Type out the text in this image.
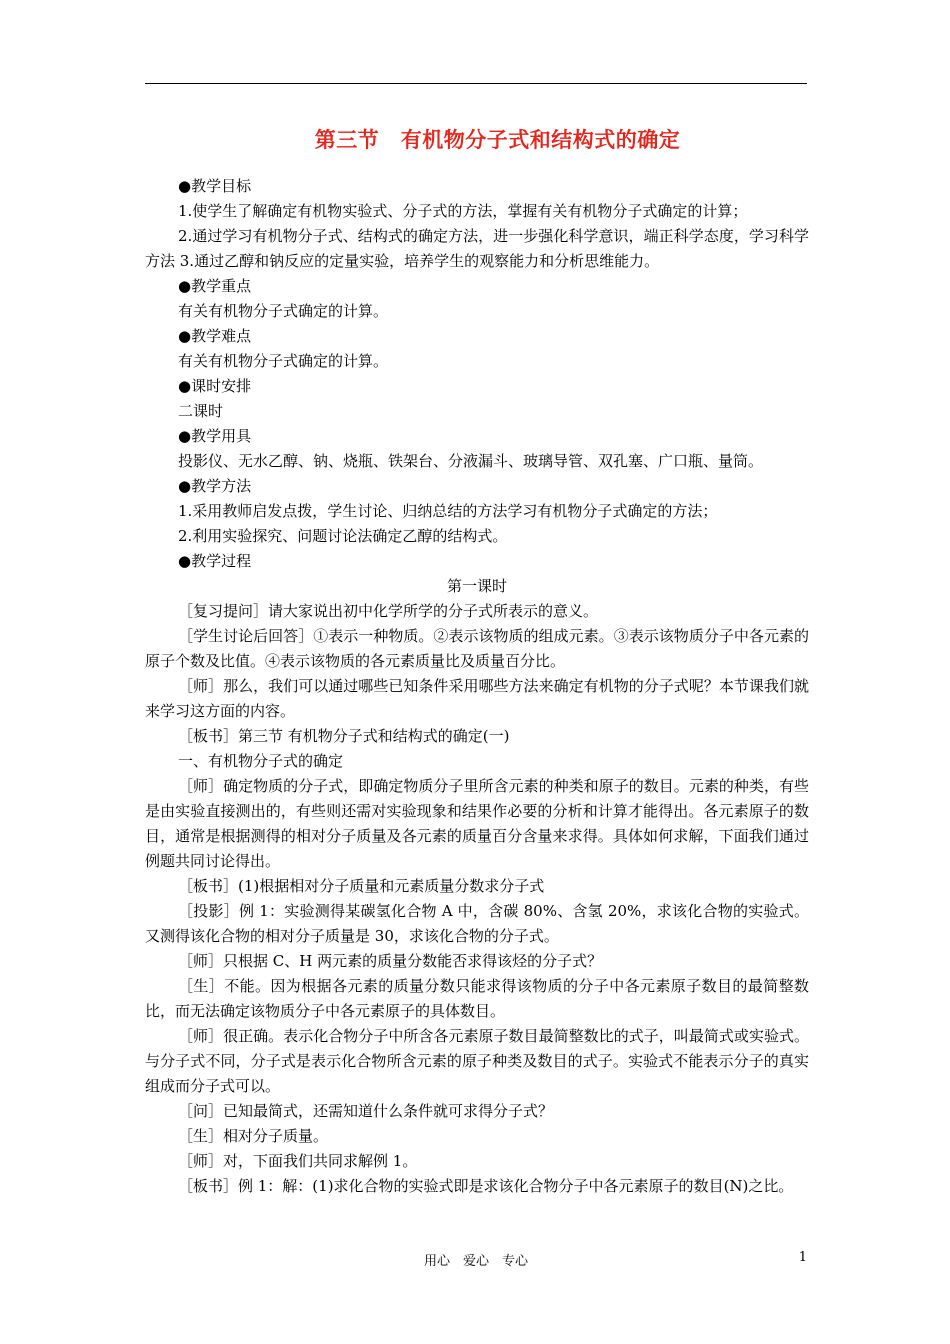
第三节　有机物分子式和结构式的确定

●教学目标

1.使学生了解确定有机物实验式、分子式的方法，掌握有关有机物分子式确定的计算；

2.通过学习有机物分子式、结构式的确定方法，进一步强化科学意识，端正科学态度，学习科学方法 3.通过乙醇和钠反应的定量实验，培养学生的观察能力和分析思维能力。

●教学重点

有关有机物分子式确定的计算。

●教学难点

有关有机物分子式确定的计算。

●课时安排

二课时

●教学用具

投影仪、无水乙醇、钠、烧瓶、铁架台、分液漏斗、玻璃导管、双孔塞、广口瓶、量筒。

●教学方法

1.采用教师启发点拨，学生讨论、归纳总结的方法学习有机物分子式确定的方法；

2.利用实验探究、问题讨论法确定乙醇的结构式。

●教学过程

第一课时

［复习提问］请大家说出初中化学所学的分子式所表示的意义。

［学生讨论后回答］①表示一种物质。②表示该物质的组成元素。③表示该物质分子中各元素的原子个数及比值。④表示该物质的各元素质量比及质量百分比。

［师］那么，我们可以通过哪些已知条件采用哪些方法来确定有机物的分子式呢？本节课我们就来学习这方面的内容。

［板书］第三节 有机物分子式和结构式的确定(一)

一、有机物分子式的确定

［师］确定物质的分子式，即确定物质分子里所含元素的种类和原子的数目。元素的种类，有些是由实验直接测出的，有些则还需对实验现象和结果作必要的分析和计算才能得出。各元素原子的数目，通常是根据测得的相对分子质量及各元素的质量百分含量来求得。具体如何求解，下面我们通过例题共同讨论得出。

［板书］(1)根据相对分子质量和元素质量分数求分子式

［投影］例 1：实验测得某碳氢化合物 A 中，含碳 80%、含氢 20%，求该化合物的实验式。又测得该化合物的相对分子质量是 30，求该化合物的分子式。

［师］只根据 C、H 两元素的质量分数能否求得该烃的分子式？

［生］不能。因为根据各元素的质量分数只能求得该物质的分子中各元素原子数目的最简整数比，而无法确定该物质分子中各元素原子的具体数目。

［师］很正确。表示化合物分子中所含各元素原子数目最简整数比的式子，叫最简式或实验式。与分子式不同，分子式是表示化合物所含元素的原子种类及数目的式子。实验式不能表示分子的真实组成而分子式可以。

［问］已知最简式，还需知道什么条件就可求得分子式？

［生］相对分子质量。

［师］对，下面我们共同求解例 1。

［板书］例 1：解：(1)求化合物的实验式即是求该化合物分子中各元素原子的数目(N)之比。

用心　爱心　专心	1
